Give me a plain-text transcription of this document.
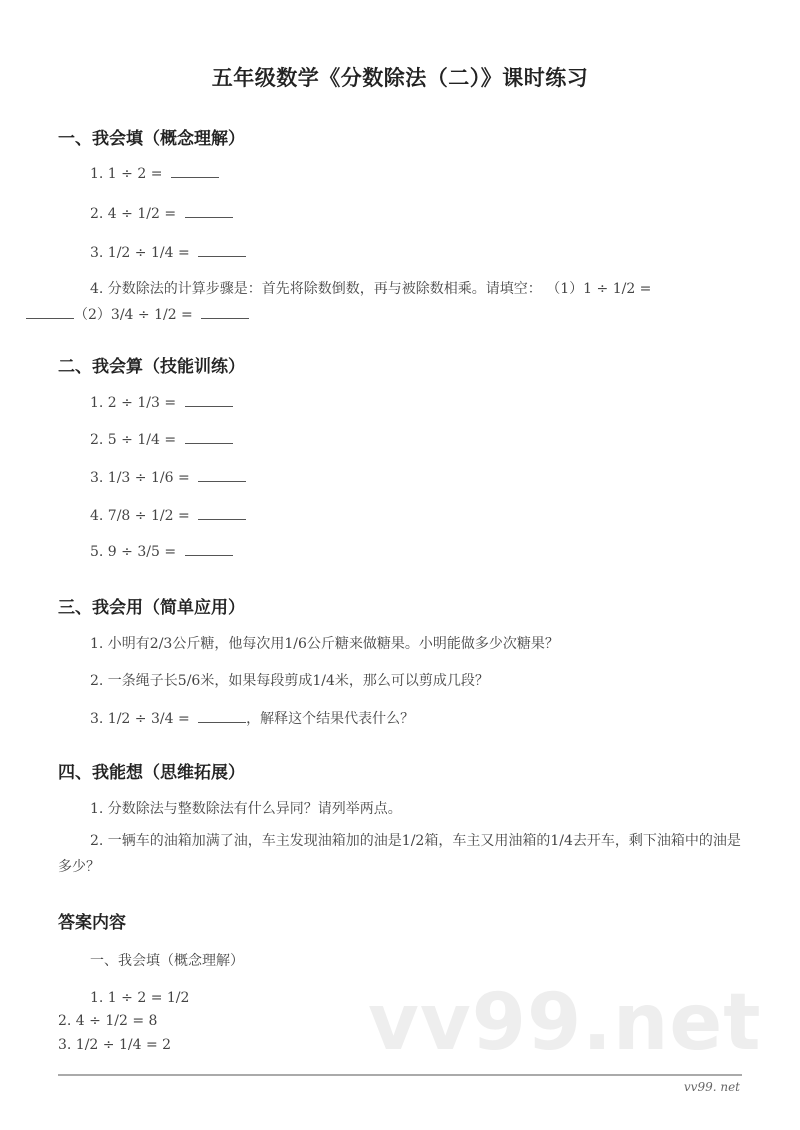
五年级数学《分数除法（二）》课时练习
一、我会填（概念理解）
1. 1 ÷ 2 =
2. 4 ÷ 1/2 =
3. 1/2 ÷ 1/4 =
4. 分数除法的计算步骤是：首先将除数倒数，再与被除数相乘。请填空： （1）1 ÷ 1/2 =
（2）3/4 ÷ 1/2 =
二、我会算（技能训练）
1. 2 ÷ 1/3 =
2. 5 ÷ 1/4 =
3. 1/3 ÷ 1/6 =
4. 7/8 ÷ 1/2 =
5. 9 ÷ 3/5 =
三、我会用（简单应用）
1. 小明有2/3公斤糖，他每次用1/6公斤糖来做糖果。小明能做多少次糖果？
2. 一条绳子长5/6米，如果每段剪成1/4米，那么可以剪成几段？
3. 1/2 ÷ 3/4 =	，解释这个结果代表什么？
四、我能想（思维拓展）
1. 分数除法与整数除法有什么异同？请列举两点。
2. 一辆车的油箱加满了油，车主发现油箱加的油是1/2箱，车主又用油箱的1/4去开车，剩下油箱中的油是多少？
答案内容
一、我会填（概念理解）
1. 1 ÷ 2 = 1/2
2. 4 ÷ 1/2 = 8
3. 1/2 ÷ 1/4 = 2	vv99.net
vv99. net
